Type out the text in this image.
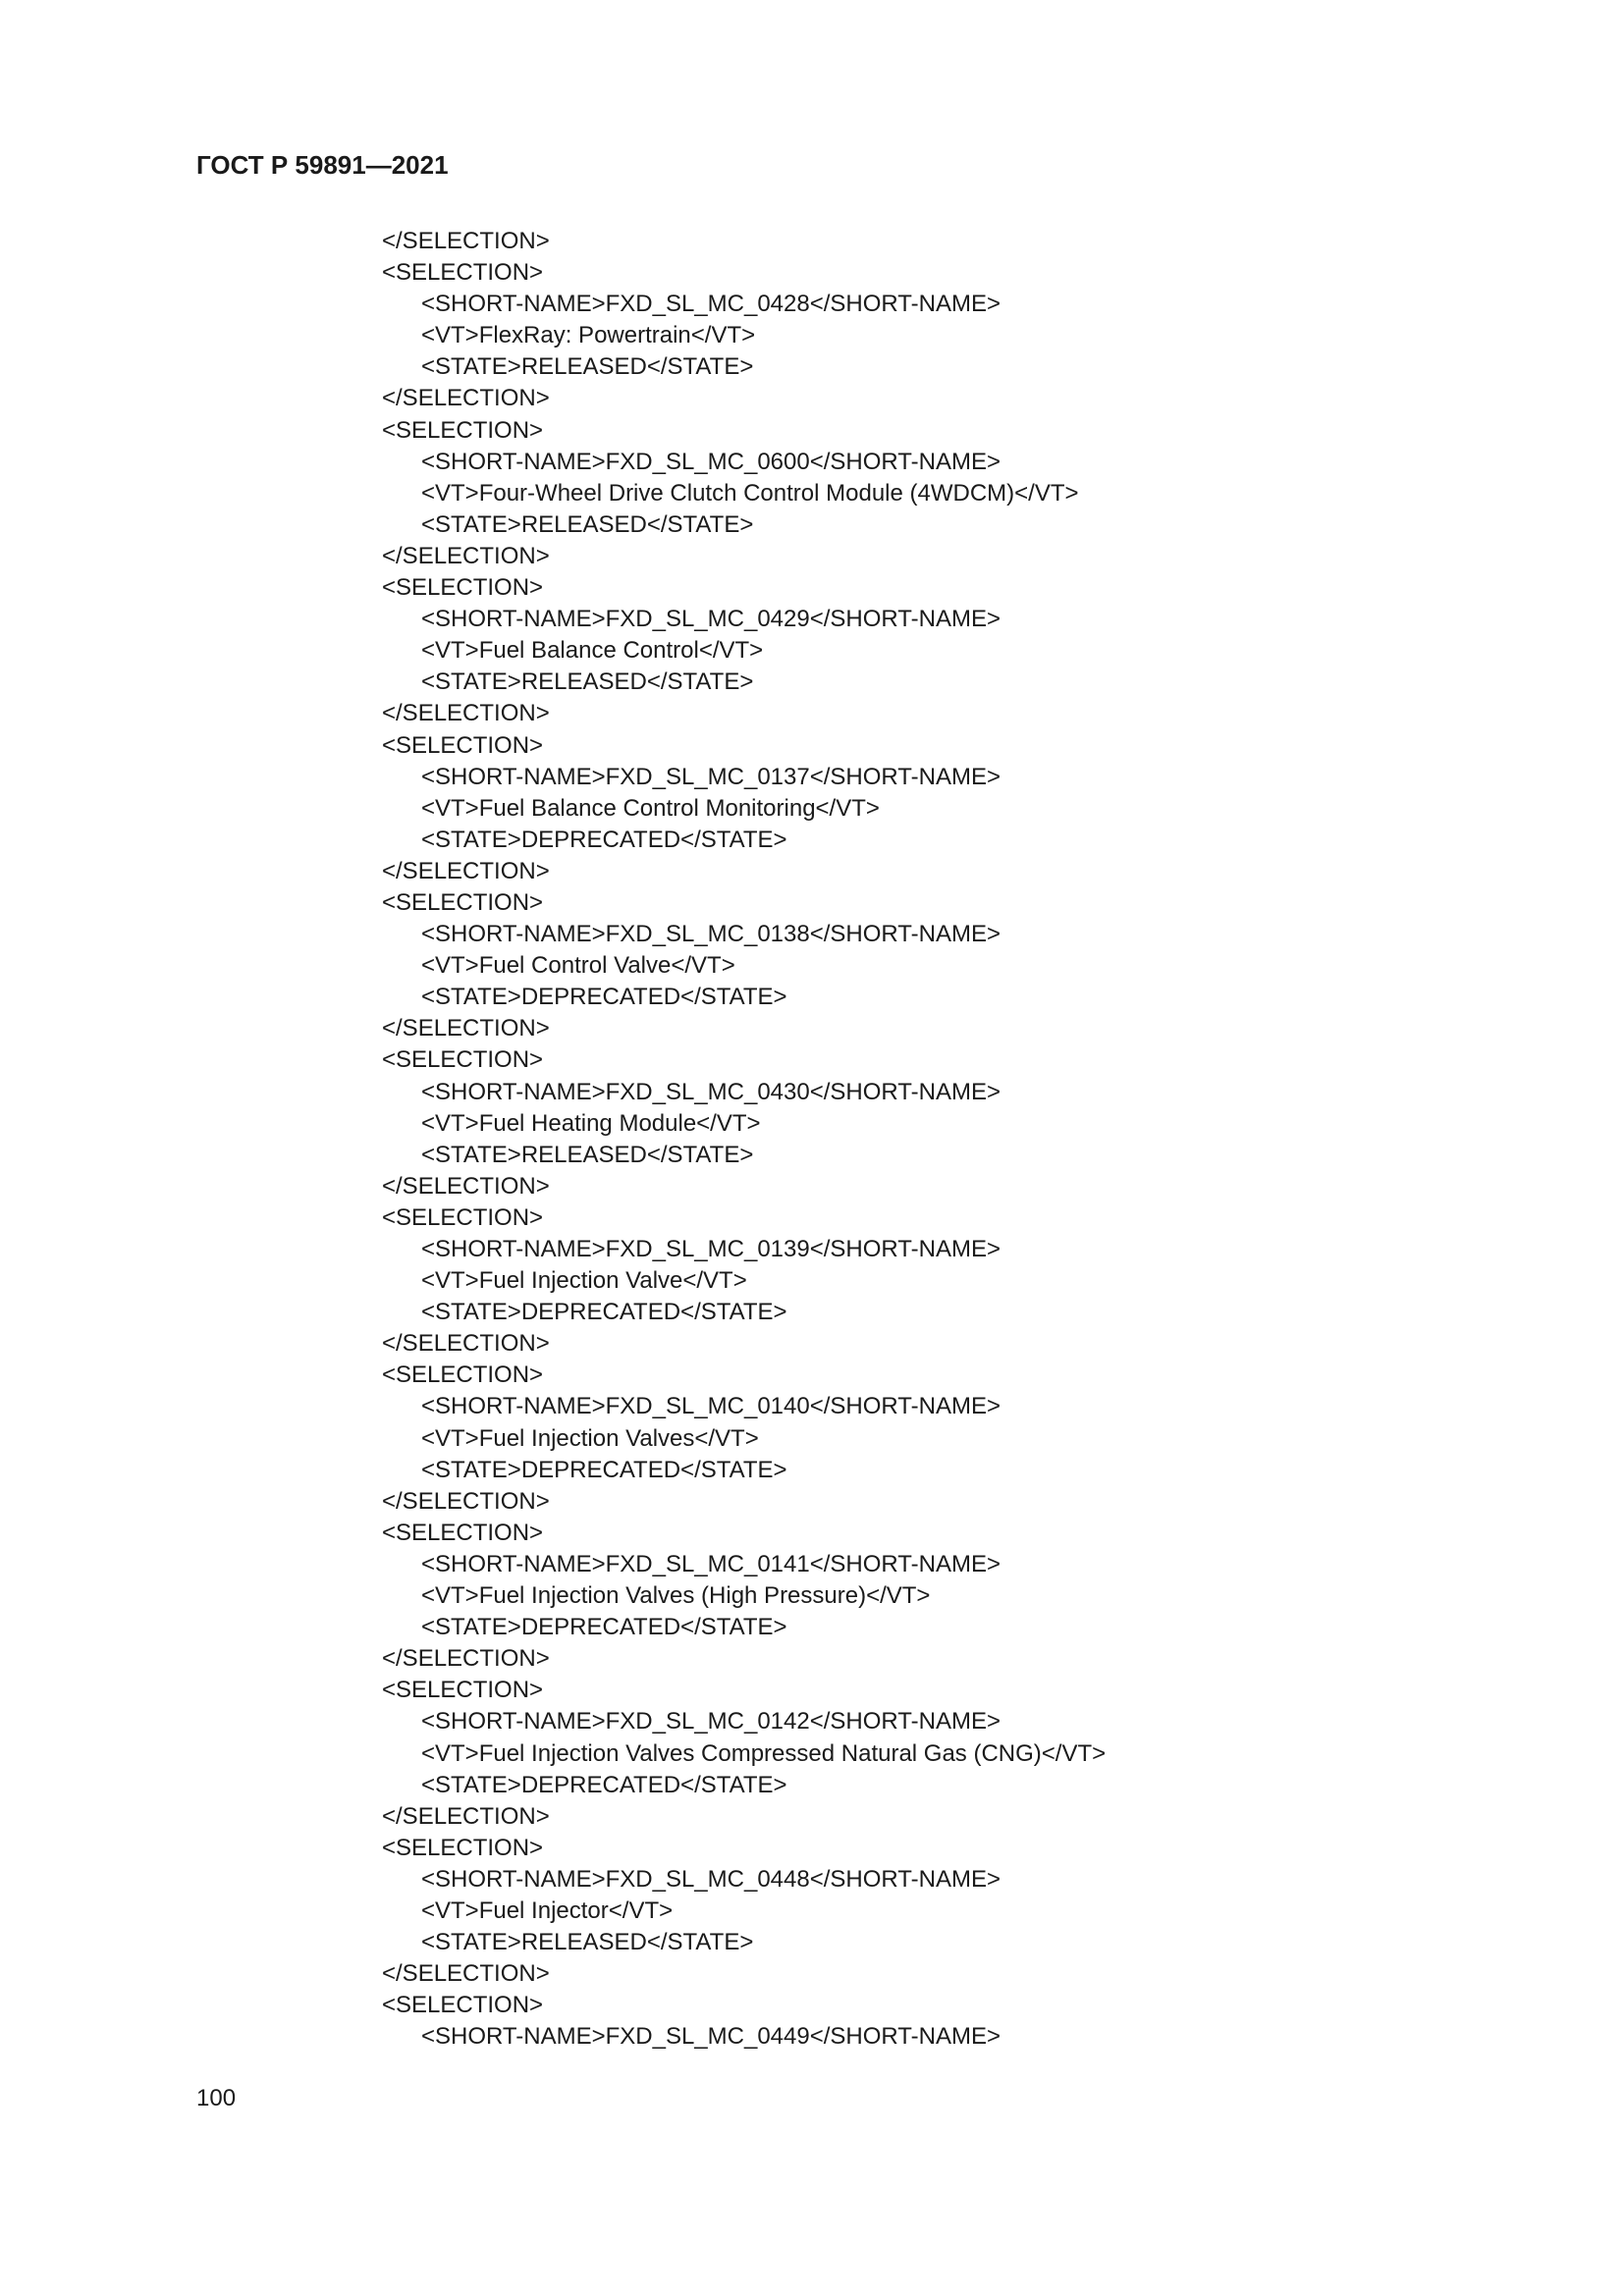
ГОСТ Р 59891—2021
</SELECTION>
<SELECTION>
<SHORT-NAME>FXD_SL_MC_0428</SHORT-NAME>
<VT>FlexRay: Powertrain</VT>
<STATE>RELEASED</STATE>
</SELECTION>
<SELECTION>
<SHORT-NAME>FXD_SL_MC_0600</SHORT-NAME>
<VT>Four-Wheel Drive Clutch Control Module (4WDCM)</VT>
<STATE>RELEASED</STATE>
</SELECTION>
<SELECTION>
<SHORT-NAME>FXD_SL_MC_0429</SHORT-NAME>
<VT>Fuel Balance Control</VT>
<STATE>RELEASED</STATE>
</SELECTION>
<SELECTION>
<SHORT-NAME>FXD_SL_MC_0137</SHORT-NAME>
<VT>Fuel Balance Control Monitoring</VT>
<STATE>DEPRECATED</STATE>
</SELECTION>
<SELECTION>
<SHORT-NAME>FXD_SL_MC_0138</SHORT-NAME>
<VT>Fuel Control Valve</VT>
<STATE>DEPRECATED</STATE>
</SELECTION>
<SELECTION>
<SHORT-NAME>FXD_SL_MC_0430</SHORT-NAME>
<VT>Fuel Heating Module</VT>
<STATE>RELEASED</STATE>
</SELECTION>
<SELECTION>
<SHORT-NAME>FXD_SL_MC_0139</SHORT-NAME>
<VT>Fuel Injection Valve</VT>
<STATE>DEPRECATED</STATE>
</SELECTION>
<SELECTION>
<SHORT-NAME>FXD_SL_MC_0140</SHORT-NAME>
<VT>Fuel Injection Valves</VT>
<STATE>DEPRECATED</STATE>
</SELECTION>
<SELECTION>
<SHORT-NAME>FXD_SL_MC_0141</SHORT-NAME>
<VT>Fuel Injection Valves (High Pressure)</VT>
<STATE>DEPRECATED</STATE>
</SELECTION>
<SELECTION>
<SHORT-NAME>FXD_SL_MC_0142</SHORT-NAME>
<VT>Fuel Injection Valves Compressed Natural Gas (CNG)</VT>
<STATE>DEPRECATED</STATE>
</SELECTION>
<SELECTION>
<SHORT-NAME>FXD_SL_MC_0448</SHORT-NAME>
<VT>Fuel Injector</VT>
<STATE>RELEASED</STATE>
</SELECTION>
<SELECTION>
<SHORT-NAME>FXD_SL_MC_0449</SHORT-NAME>
100
